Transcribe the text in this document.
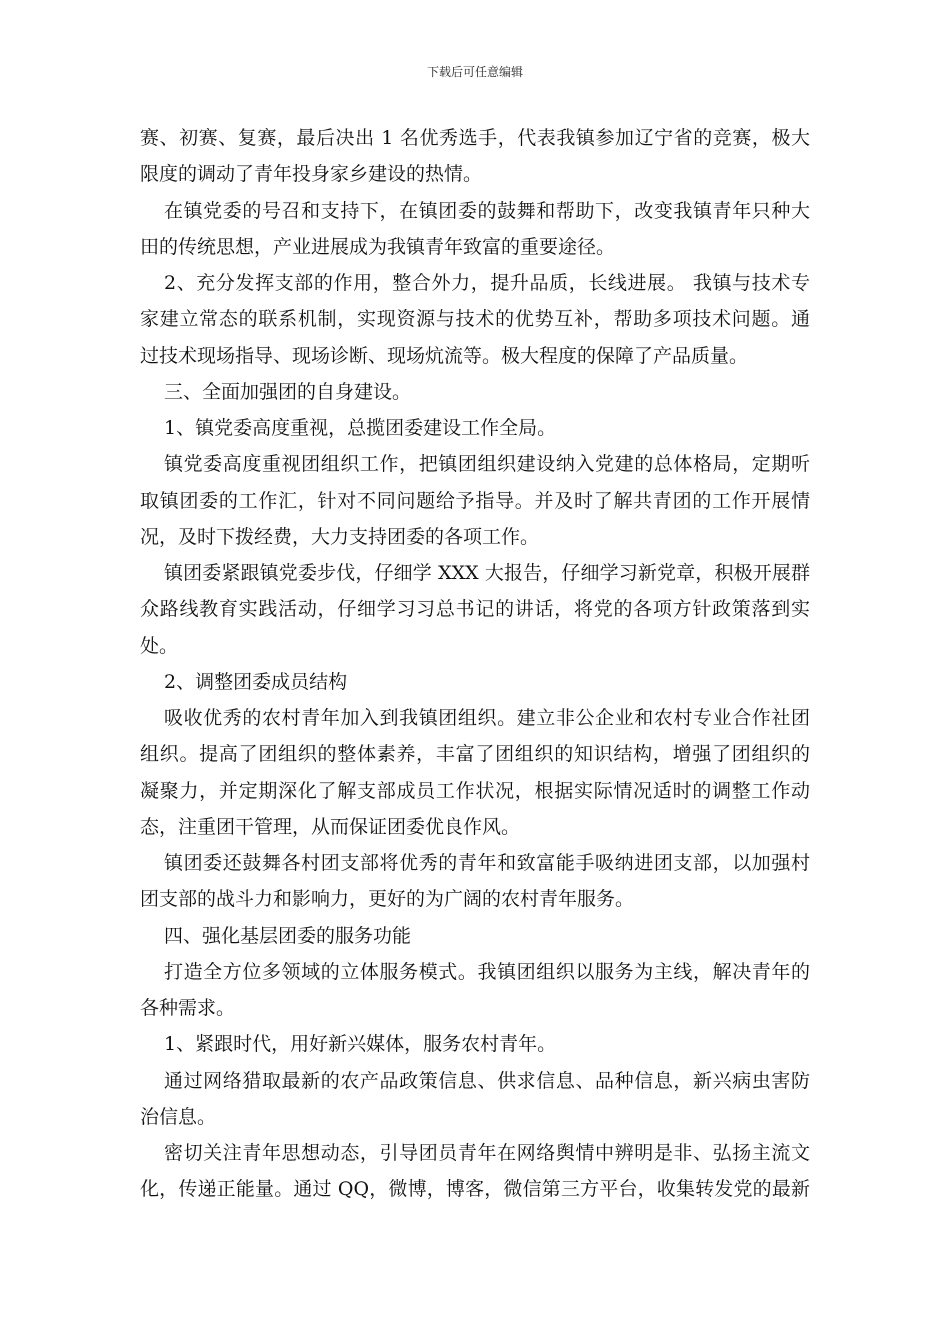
下载后可任意编辑
赛、初赛、复赛，最后决出 1 名优秀选手，代表我镇参加辽宁省的竞赛，极大
限度的调动了青年投身家乡建设的热情。
在镇党委的号召和支持下，在镇团委的鼓舞和帮助下，改变我镇青年只种大
田的传统思想，产业进展成为我镇青年致富的重要途径。
2、充分发挥支部的作用，整合外力，提升品质，长线进展。 我镇与技术专
家建立常态的联系机制，实现资源与技术的优势互补，帮助多项技术问题。通
过技术现场指导、现场诊断、现场炕流等。极大程度的保障了产品质量。
三、全面加强团的自身建设。
1、镇党委高度重视，总揽团委建设工作全局。
镇党委高度重视团组织工作，把镇团组织建设纳入党建的总体格局，定期听
取镇团委的工作汇，针对不同问题给予指导。并及时了解共青团的工作开展情
况，及时下拨经费，大力支持团委的各项工作。
镇团委紧跟镇党委步伐，仔细学 XXX 大报告，仔细学习新党章，积极开展群
众路线教育实践活动，仔细学习习总书记的讲话，将党的各项方针政策落到实
处。
2、调整团委成员结构
吸收优秀的农村青年加入到我镇团组织。建立非公企业和农村专业合作社团
组织。提高了团组织的整体素养，丰富了团组织的知识结构，增强了团组织的
凝聚力，并定期深化了解支部成员工作状况，根据实际情况适时的调整工作动
态，注重团干管理，从而保证团委优良作风。
镇团委还鼓舞各村团支部将优秀的青年和致富能手吸纳进团支部，以加强村
团支部的战斗力和影响力，更好的为广阔的农村青年服务。
四、强化基层团委的服务功能
打造全方位多领域的立体服务模式。我镇团组织以服务为主线，解决青年的
各种需求。
1、紧跟时代，用好新兴媒体，服务农村青年。
通过网络猎取最新的农产品政策信息、供求信息、品种信息，新兴病虫害防
治信息。
密切关注青年思想动态，引导团员青年在网络舆情中辨明是非、弘扬主流文
化，传递正能量。通过 QQ，微博，博客，微信第三方平台，收集转发党的最新
